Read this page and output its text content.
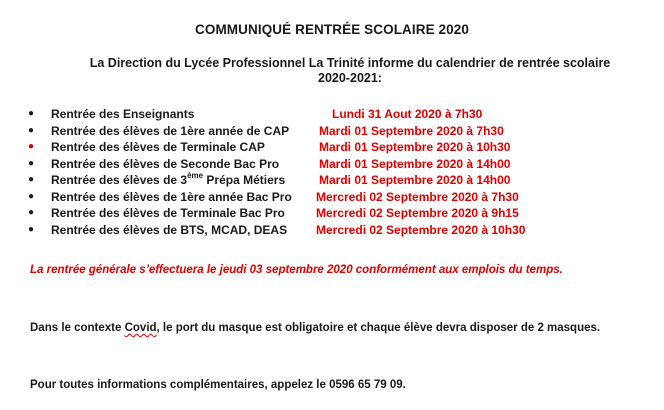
COMMUNIQUÉ RENTRÉE SCOLAIRE 2020
La Direction du Lycée Professionnel La Trinité informe du calendrier de rentrée scolaire
2020-2021:
● Rentrée des Enseignants	Lundi 31 Aout 2020 à 7h30
● Rentrée des élèves de 1ère année de CAP Mardi 01 Septembre 2020 à 7h30
● Rentrée des élèves de Terminale CAP	Mardi 01 Septembre 2020 à 10h30
● Rentrée des élèves de Seconde Bac Pro	Mardi 01 Septembre 2020 à 14h00
● Rentrée des élèves de 3ème Prépa Métiers	Mardi 01 Septembre 2020 à 14h00
● Rentrée des élèves de 1ère année Bac Pro Mercredi 02 Septembre 2020 à 7h30
● Rentrée des élèves de Terminale Bac Pro	Mercredi 02 Septembre 2020 à 9h15
● Rentrée des élèves de BTS, MCAD, DEAS Mercredi 02 Septembre 2020 à 10h30
La rentrée générale s’effectuera le jeudi 03 septembre 2020 conformément aux emplois du temps.
Dans le contexte Covid, le port du masque est obligatoire et chaque élève devra disposer de 2 masques.
Pour toutes informations complémentaires, appelez le 0596 65 79 09.
